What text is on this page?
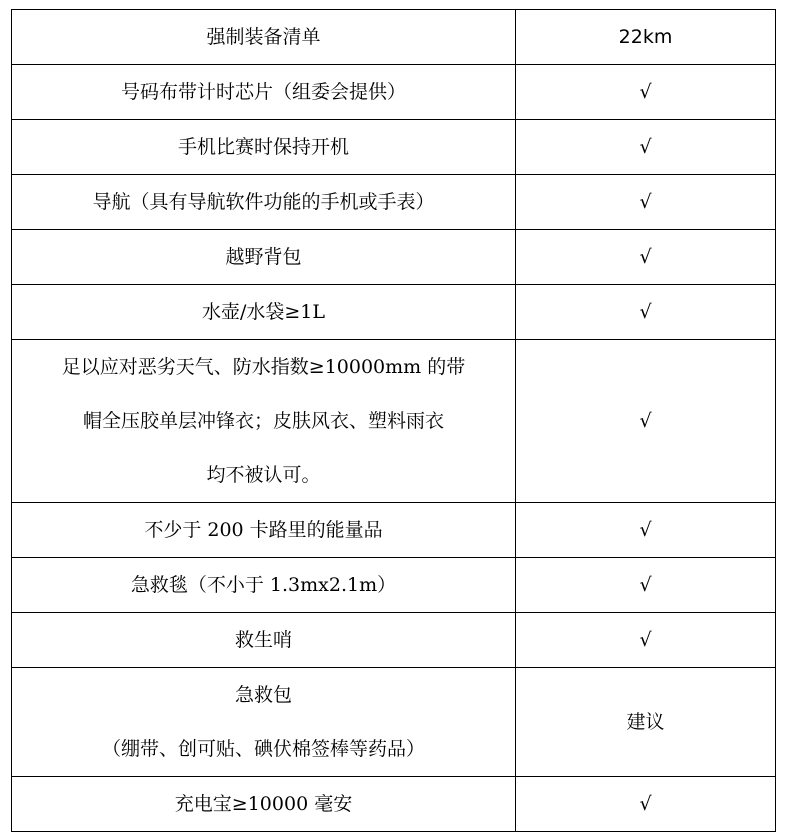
强制装备清单	22km
号码布带计时芯片（组委会提供）	√
手机比赛时保持开机	√
导航（具有导航软件功能的手机或手表）	√
越野背包	√
水壶/水袋≥1L	√

足以应对恶劣天气、防水指数≥10000mm 的带
帽全压胶单层冲锋衣；皮肤风衣、塑料雨衣
均不被认可。	√
不少于 200 卡路里的能量品	√
急救毯（不小于 1.3mx2.1m）	√
救生哨	√

急救包
（绷带、创可贴、碘伏棉签棒等药品）	建议
充电宝≥10000 毫安	√
